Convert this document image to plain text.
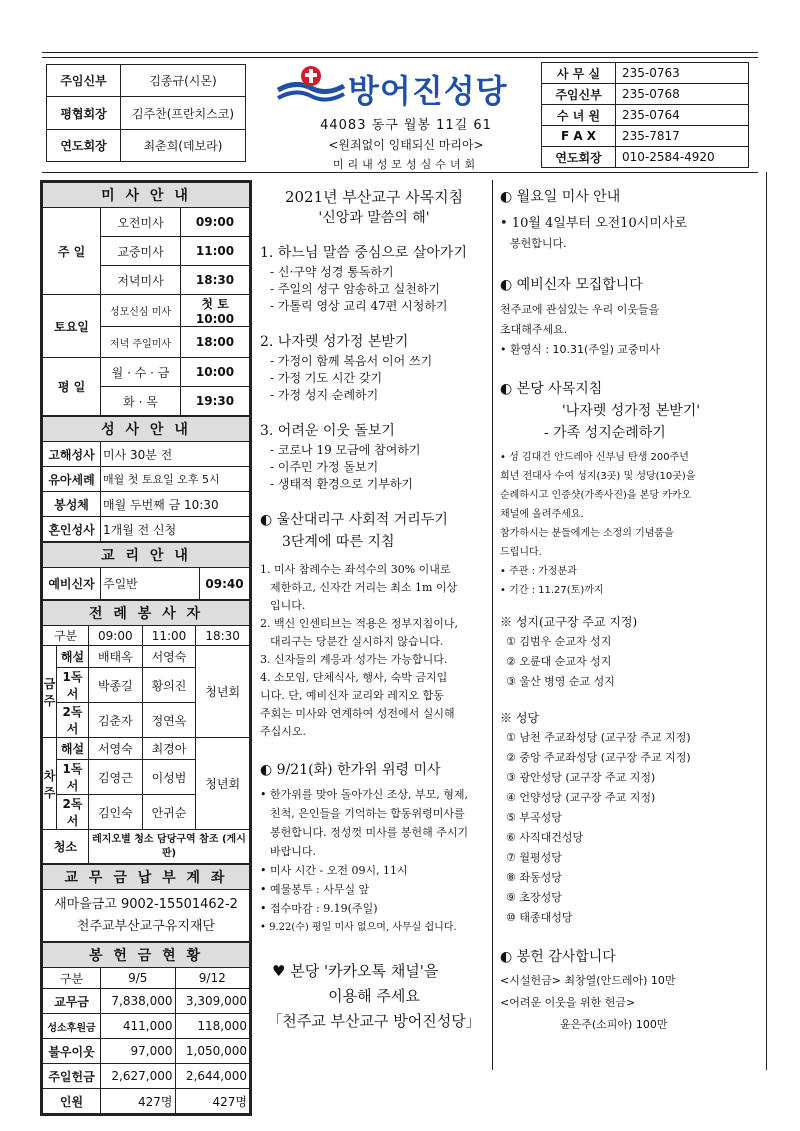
주임신부	김종규(시몬)
평협회장	김주찬(프란치스코)
연도회장	최춘희(데보라)
방어진성당
44083 동구 월봉 11길 61
<원죄없이 잉태되신 마리아>
미리내성모성심수녀회
사 무 실	235-0763
주임신부	235-0768
수 녀 원	235-0764
F A X	235-7817
연도회장	010-2584-4920
미 사 안 내		
주 일	오전미사	09:00
	교중미사	11:00
	저녁미사	18:30
토요일	성모신심 미사	첫 토 10:00
	저녁 주일미사	18:00
평 일	월 · 수 · 금	10:00
	화 · 목	19:30
성 사 안 내	
고해성사	미사 30분 전
유아세례	매월 첫 토요일 오후 5시
봉성체	매월 두번째 금 10:30
혼인성사	1개월 전 신청
교 리 안 내
예비신자	주일반	09:40
전 례 봉 사 자				
구분		09:00	11:00	18:30
금주	해설	배태옥	서영숙	청년회
	1독서	박종길	황의진	
	2독서	김춘자	정연옥	
차주	해설	서영숙	최경아	청년회
	1독서	김영근	이성범	
	2독서	김인숙	안귀순	
청소		레지오별 청소 담당구역 참조 (게시판)		
교 무 금 납 부 계 좌

새마을금고 9002-15501462-2
천주교부산교구유지재단
봉 헌 금 현 황		
구분	9/5	9/12
교무금	7,838,000	3,309,000
성소후원금	411,000	118,000
불우이웃	97,000	1,050,000
주일헌금	2,627,000	2,644,000
인원	427명	427명
2021년 부산교구 사목지침
'신앙과 말씀의 해'
1. 하느님 말씀 중심으로 살아가기
- 신·구약 성경 통독하기
- 주일의 성구 암송하고 실천하기
- 가톨릭 영상 교리 47편 시청하기
2. 나자렛 성가정 본받기
- 가정이 함께 복음서 이어 쓰기
- 가정 기도 시간 갖기
- 가정 성지 순례하기
3. 어려운 이웃 돌보기
- 코로나 19 모금에 참여하기
- 이주민 가정 돌보기
- 생태적 환경으로 기부하기
◐ 울산대리구 사회적 거리두기
3단계에 따른 지침
1. 미사 참례수는 좌석수의 30% 이내로
제한하고, 신자간 거리는 최소 1m 이상
입니다.
2. 백신 인센티브는 적용은 정부지침이나,
대리구는 당분간 실시하지 않습니다.
3. 신자들의 계응과 성가는 가능합니다.
4. 소모임, 단체식사, 행사, 숙박 금지입
니다. 단, 예비신자 교리와 레지오 합동
주회는 미사와 연계하여 성전에서 실시해
주십시오.
◐ 9/21(화) 한가위 위령 미사
• 한가위를 맞아 돌아가신 조상, 부모, 형제,
친척, 은인들을 기억하는 합동위령미사를
봉헌합니다. 정성껏 미사를 봉헌해 주시기
바랍니다.
• 미사 시간 - 오전 09시, 11시
• 예물봉투 : 사무실 앞
• 접수마감 : 9.19(주일)
• 9.22(수) 평일 미사 없으며, 사무실 쉽니다.
♥ 본당 '카카오톡 채널'을
이용해 주세요
「천주교 부산교구 방어진성당」
◐ 월요일 미사 안내
• 10월 4일부터 오전10시미사로
봉헌합니다.
◐ 예비신자 모집합니다
천주교에 관심있는 우리 이웃들을
초대해주세요.
• 환영식 : 10.31(주일) 교중미사
◐ 본당 사목지침
'나자렛 성가정 본받기'
- 가족 성지순례하기
• 성 김대건 안드레아 신부님 탄생 200주년
희년 전대사 수여 성지(3곳) 및 성당(10곳)을
순례하시고 인증샷(가족사진)을 본당 카카오
채널에 올려주세요.
참가하시는 분들에게는 소정의 기념품을
드립니다.
• 주관 : 가정분과
• 기간 : 11.27(토)까지
※ 성지(교구장 주교 지정)
① 김범우 순교자 성지
② 오륜대 순교자 성지
③ 울산 병영 순교 성지
※ 성당
① 남천 주교좌성당 (교구장 주교 지정)
② 중앙 주교좌성당 (교구장 주교 지정)
③ 광안성당 (교구장 주교 지정)
④ 언양성당 (교구장 주교 지정)
⑤ 부곡성당
⑥ 사직대건성당
⑦ 월평성당
⑧ 좌동성당
⑨ 초장성당
⑩ 태종대성당
◐ 봉헌 감사합니다
<시설헌금> 최창열(안드레아) 10만
<어려운 이웃을 위한 헌금>
윤은주(소피아) 100만
